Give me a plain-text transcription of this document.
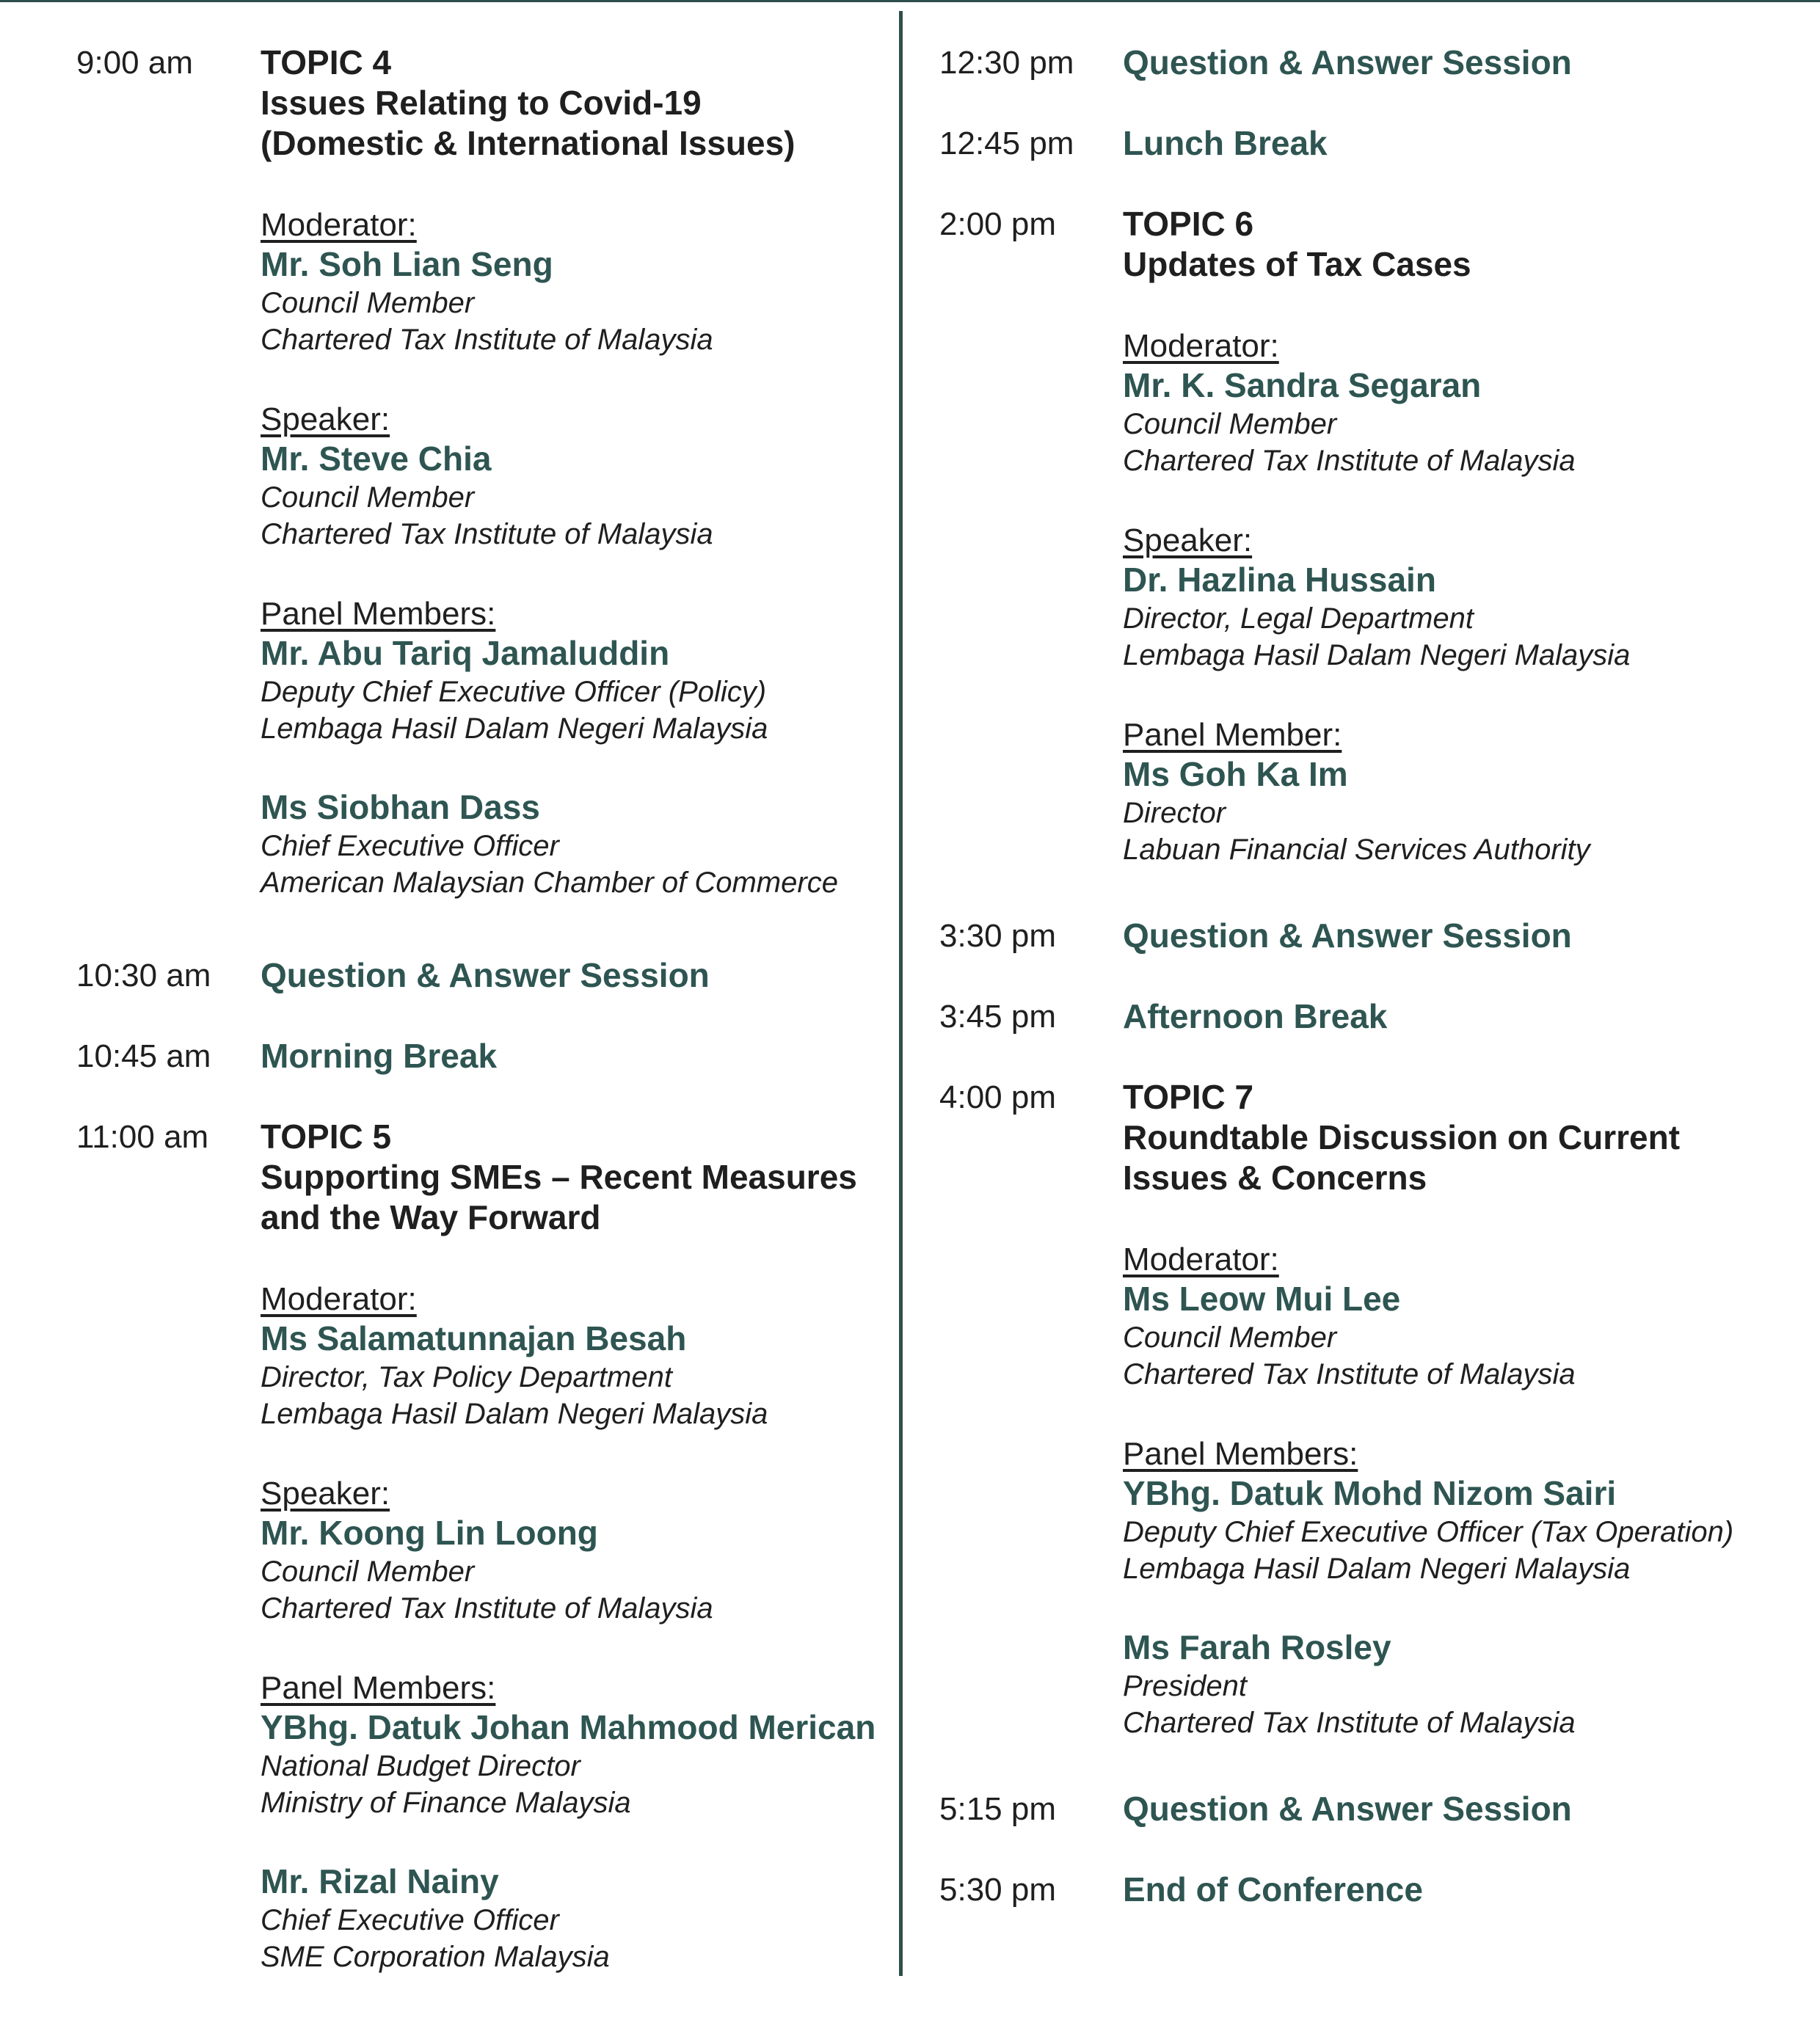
9:00 am TOPIC 4
Issues Relating to Covid-19
(Domestic & International Issues)
Moderator:
Mr. Soh Lian Seng
Council Member
Chartered Tax Institute of Malaysia
Speaker:
Mr. Steve Chia
Council Member
Chartered Tax Institute of Malaysia
Panel Members:
Mr. Abu Tariq Jamaluddin
Deputy Chief Executive Officer (Policy)
Lembaga Hasil Dalam Negeri Malaysia
Ms Siobhan Dass
Chief Executive Officer
American Malaysian Chamber of Commerce
10:30 am Question & Answer Session
10:45 am Morning Break
11:00 am TOPIC 5
Supporting SMEs – Recent Measures
and the Way Forward
Moderator:
Ms Salamatunnajan Besah
Director, Tax Policy Department
Lembaga Hasil Dalam Negeri Malaysia
Speaker:
Mr. Koong Lin Loong
Council Member
Chartered Tax Institute of Malaysia
Panel Members:
YBhg. Datuk Johan Mahmood Merican
National Budget Director
Ministry of Finance Malaysia
Mr. Rizal Nainy
Chief Executive Officer
SME Corporation Malaysia
12:30 pm Question & Answer Session
12:45 pm Lunch Break
2:00 pm TOPIC 6
Updates of Tax Cases
Moderator:
Mr. K. Sandra Segaran
Council Member
Chartered Tax Institute of Malaysia
Speaker:
Dr. Hazlina Hussain
Director, Legal Department
Lembaga Hasil Dalam Negeri Malaysia
Panel Member:
Ms Goh Ka Im
Director
Labuan Financial Services Authority
3:30 pm Question & Answer Session
3:45 pm Afternoon Break
4:00 pm TOPIC 7
Roundtable Discussion on Current
Issues & Concerns
Moderator:
Ms Leow Mui Lee
Council Member
Chartered Tax Institute of Malaysia
Panel Members:
YBhg. Datuk Mohd Nizom Sairi
Deputy Chief Executive Officer (Tax Operation)
Lembaga Hasil Dalam Negeri Malaysia
Ms Farah Rosley
President
Chartered Tax Institute of Malaysia
5:15 pm Question & Answer Session
5:30 pm End of Conference
